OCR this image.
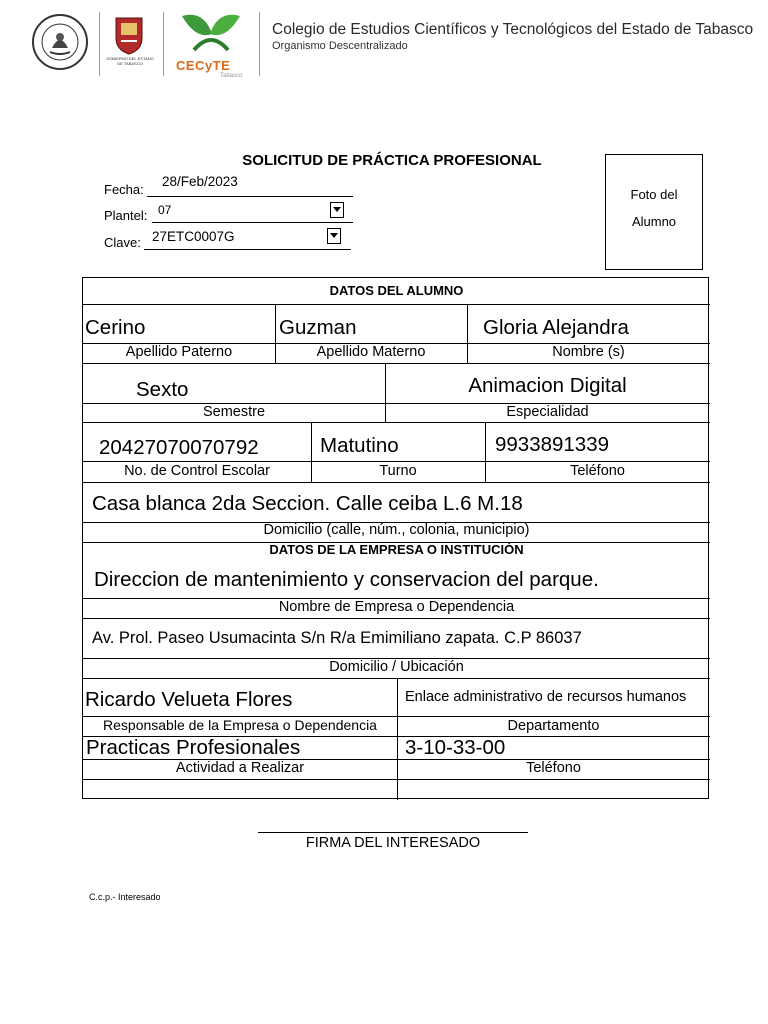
GOBIERNO DEL ESTADO DE TABASCO	CECyTE
Tabasco
Colegio de Estudios Científicos y Tecnológicos del Estado de Tabasco
Organismo Descentralizado
SOLICITUD DE PRÁCTICA PROFESIONAL
Fecha:
28/Feb/2023
Plantel: 07
Clave: 27ETC0007G
Foto del
Alumno
DATOS DEL ALUMNO
Cerino	Guzman	Gloria Alejandra
Apellido Paterno	Apellido Materno	Nombre (s)
Sexto	Animacion Digital
Semestre	Especialidad
20427070070792	Matutino	9933891339
No. de Control Escolar	Turno	Teléfono
Casa blanca 2da Seccion. Calle ceiba L.6 M.18
Domicilio (calle, núm., colonia, municipio)
DATOS DE LA EMPRESA O INSTITUCIÓN
Direccion de mantenimiento y conservacion del parque.
Nombre de Empresa o Dependencia
Av. Prol. Paseo Usumacinta S/n R/a Emimiliano zapata. C.P 86037
Domicilio / Ubicación
Ricardo Velueta Flores	Enlace administrativo de recursos humanos
Responsable de la Empresa o Dependencia	Departamento
Practicas Profesionales	3-10-33-00
Actividad a Realizar	Teléfono
FIRMA DEL INTERESADO
C.c.p.- Interesado
